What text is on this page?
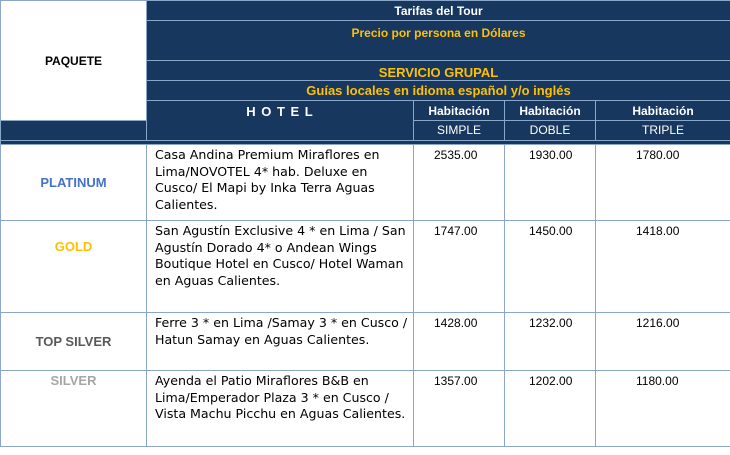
PAQUETE	Tarifas del Tour			
	Precio por persona en Dólares			
	SERVICIO GRUPAL			
	Guías locales en idioma español y/o inglés			
	H O T E L	Habitación	Habitación	Habitación
		SIMPLE	DOBLE	TRIPLE

PLATINUM	Casa Andina Premium Miraflores en Lima/NOVOTEL 4* hab. Deluxe en Cusco/ El Mapi by Inka Terra Aguas Calientes.	2535.00	1930.00	1780.00
GOLD	San Agustín Exclusive 4 * en Lima / San Agustín Dorado 4* o Andean Wings Boutique Hotel en Cusco/ Hotel Waman en Aguas Calientes.	1747.00	1450.00	1418.00
TOP SILVER	Ferre 3 * en Lima /Samay 3 * en Cusco / Hatun Samay en Aguas Calientes.	1428.00	1232.00	1216.00
SILVER	Ayenda el Patio Miraflores B&B en Lima/Emperador Plaza 3 * en Cusco / Vista Machu Picchu en Aguas Calientes.	1357.00	1202.00	1180.00
